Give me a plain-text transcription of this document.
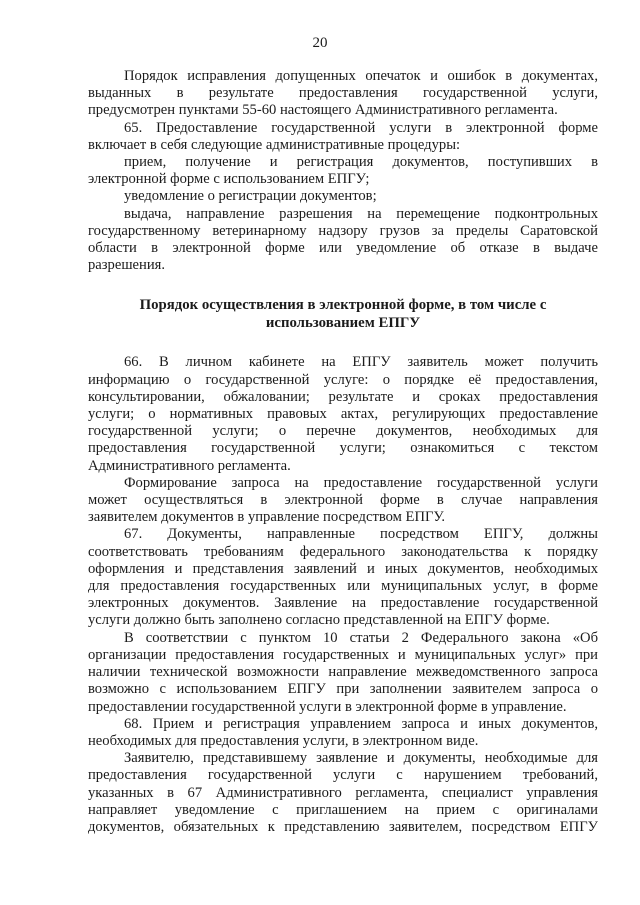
20
Порядок исправления допущенных опечаток и ошибок в документах,
выданных в результате предоставления государственной услуги,
предусмотрен пунктами 55-60 настоящего Административного регламента.
65. Предоставление государственной услуги в электронной форме
включает в себя следующие административные процедуры:
прием, получение и регистрация документов, поступивших в
электронной форме с использованием ЕПГУ;
уведомление о регистрации документов;
выдача, направление разрешения на перемещение подконтрольных
государственному ветеринарному надзору грузов за пределы Саратовской
области в электронной форме или уведомление об отказе в выдаче
разрешения.
Порядок осуществления в электронной форме, в том числе с
использованием ЕПГУ
66. В личном кабинете на ЕПГУ заявитель может получить
информацию о государственной услуге: о порядке её предоставления,
консультировании, обжаловании; результате и сроках предоставления
услуги; о нормативных правовых актах, регулирующих предоставление
государственной услуги; о перечне документов, необходимых для
предоставления государственной услуги; ознакомиться с текстом
Административного регламента.
Формирование запроса на предоставление государственной услуги
может осуществляться в электронной форме в случае направления
заявителем документов в управление посредством ЕПГУ.
67. Документы, направленные посредством ЕПГУ, должны
соответствовать требованиям федерального законодательства к порядку
оформления и представления заявлений и иных документов, необходимых
для предоставления государственных или муниципальных услуг, в форме
электронных документов. Заявление на предоставление государственной
услуги должно быть заполнено согласно представленной на ЕПГУ форме.
В соответствии с пунктом 10 статьи 2 Федерального закона «Об
организации предоставления государственных и муниципальных услуг» при
наличии технической возможности направление межведомственного запроса
возможно с использованием ЕПГУ при заполнении заявителем запроса о
предоставлении государственной услуги в электронной форме в управление.
68. Прием и регистрация управлением запроса и иных документов,
необходимых для предоставления услуги, в электронном виде.
Заявителю, представившему заявление и документы, необходимые для
предоставления государственной услуги с нарушением требований,
указанных в 67 Административного регламента, специалист управления
направляет уведомление с приглашением на прием с оригиналами
документов, обязательных к представлению заявителем, посредством ЕПГУ
